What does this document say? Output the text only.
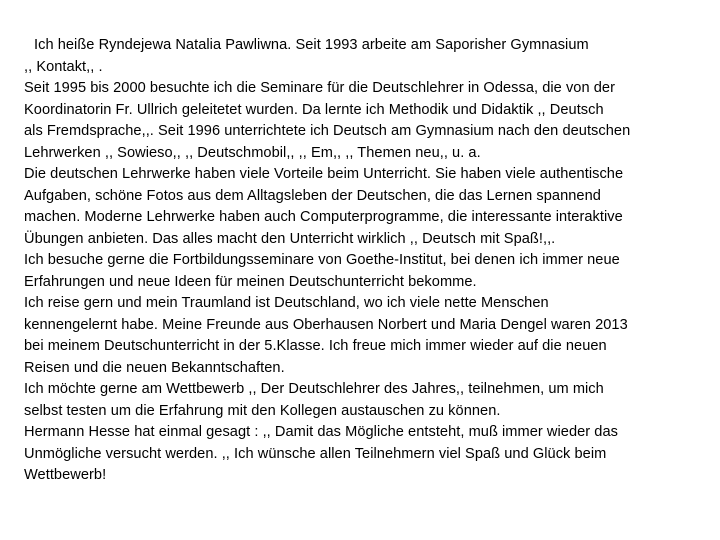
Ich heiße Ryndejewa Natalia Pawliwna. Seit 1993 arbeite am Saporisher Gymnasium
,, Kontakt,, .
Seit 1995 bis 2000 besuchte ich die Seminare für die Deutschlehrer in Odessa, die von der
Koordinatorin Fr. Ullrich geleitetet wurden. Da lernte ich Methodik und Didaktik ,, Deutsch
als Fremdsprache,,. Seit 1996 unterrichtete ich Deutsch am Gymnasium nach den deutschen
Lehrwerken ,, Sowieso,, ,, Deutschmobil,, ,, Em,, ,, Themen neu,, u. a.
Die deutschen Lehrwerke haben viele Vorteile beim Unterricht. Sie haben viele authentische
Aufgaben, schöne Fotos aus dem Alltagsleben der Deutschen, die das Lernen spannend
machen. Moderne Lehrwerke haben auch Computerprogramme, die interessante interaktive
Übungen anbieten. Das alles macht den Unterricht wirklich ,, Deutsch mit Spaß!,,.
Ich besuche gerne die Fortbildungsseminare von Goethe-Institut, bei denen ich immer neue
Erfahrungen und neue Ideen für meinen Deutschunterricht bekomme.
Ich reise gern und mein Traumland ist Deutschland, wo ich viele nette Menschen
kennengelernt habe. Meine Freunde aus Oberhausen Norbert und Maria Dengel waren 2013
bei meinem Deutschunterricht in der 5.Klasse. Ich freue mich immer wieder auf die neuen
Reisen und die neuen Bekanntschaften.
Ich möchte gerne am Wettbewerb ,, Der Deutschlehrer des Jahres,, teilnehmen, um mich
selbst testen um die Erfahrung mit den Kollegen austauschen zu können.
Hermann Hesse hat einmal gesagt : ,, Damit das Mögliche entsteht, muß immer wieder das
Unmögliche versucht werden. ,, Ich wünsche allen Teilnehmern viel Spaß und Glück beim
Wettbewerb!
